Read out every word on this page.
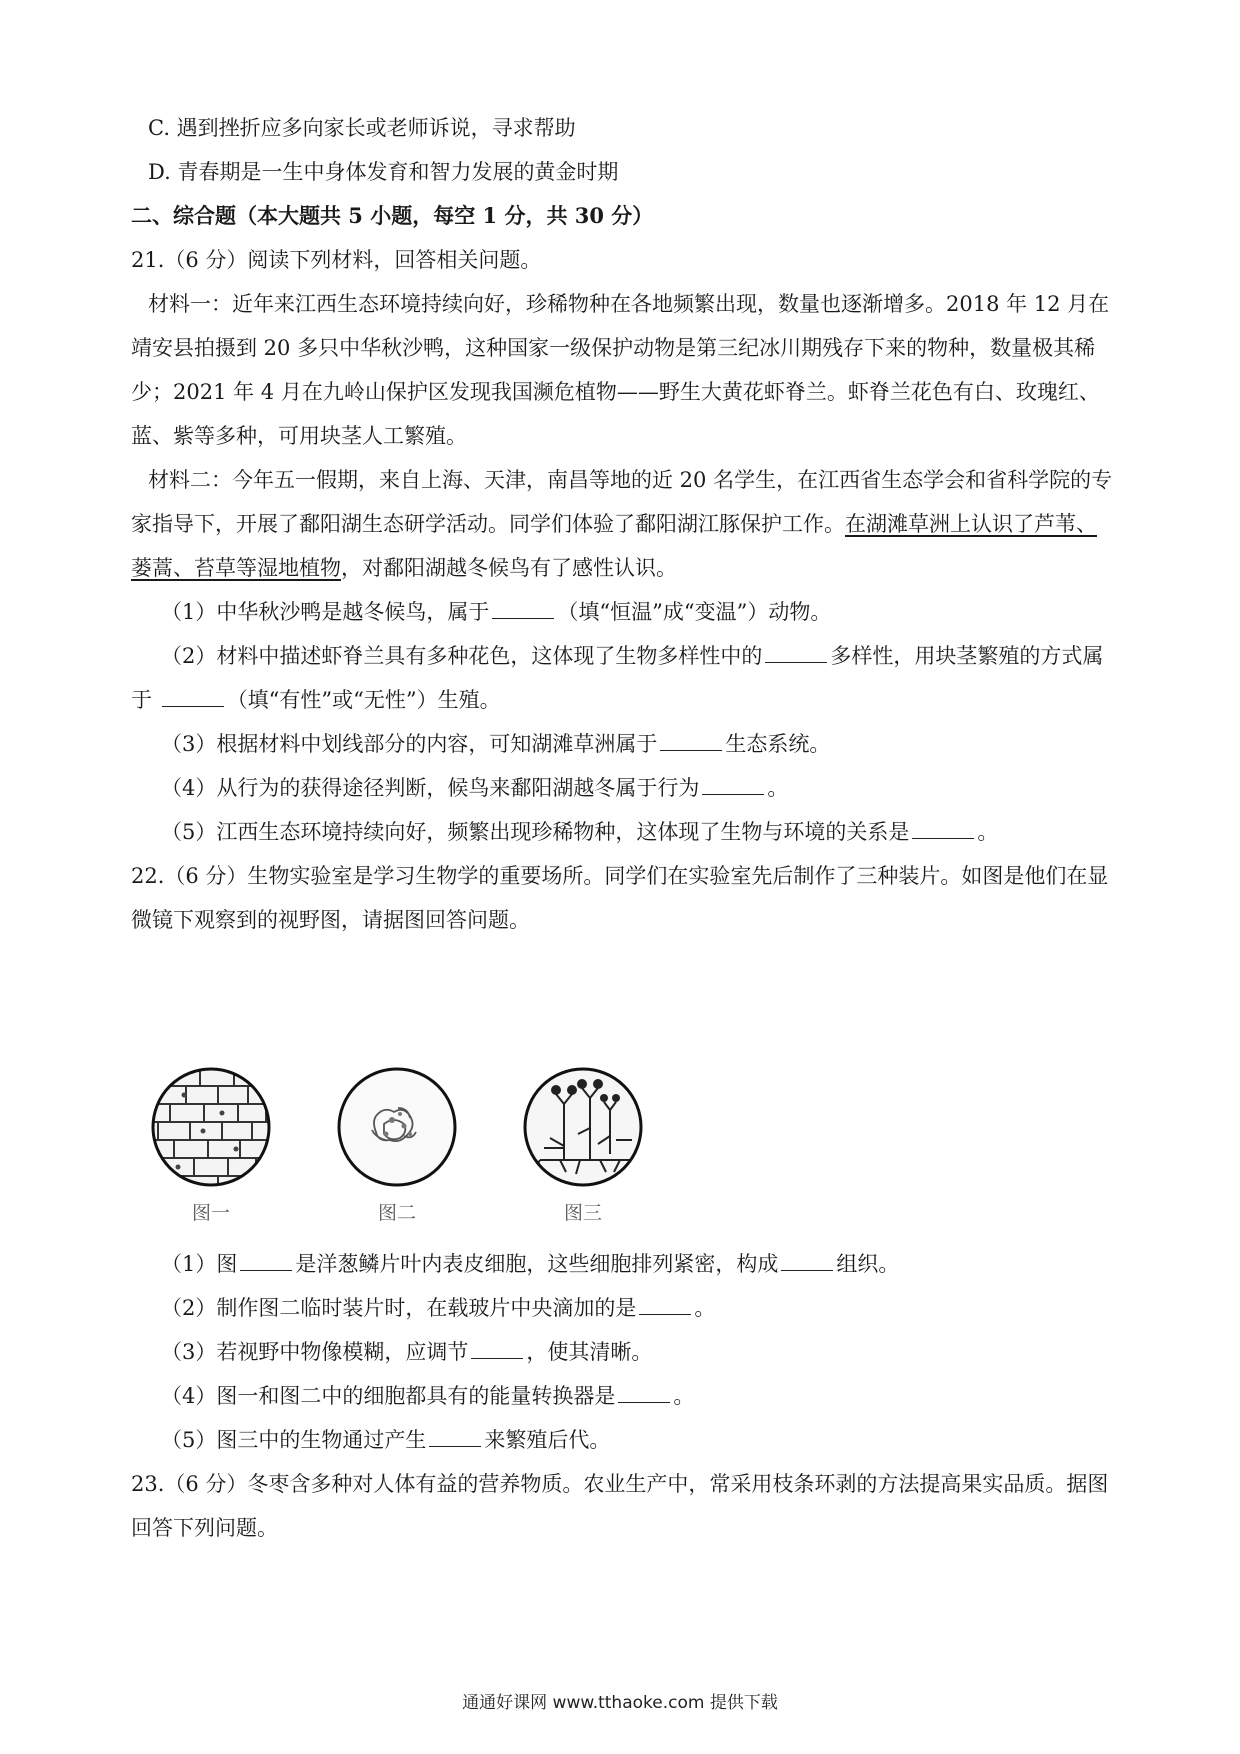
C. 遇到挫折应多向家长或老师诉说，寻求帮助
D. 青春期是一生中身体发育和智力发展的黄金时期
二、综合题（本大题共 5 小题，每空 1 分，共 30 分）
21.（6 分）阅读下列材料，回答相关问题。
材料一：近年来江西生态环境持续向好，珍稀物种在各地频繁出现，数量也逐渐增多。2018 年 12 月在
靖安县拍摄到 20 多只中华秋沙鸭，这种国家一级保护动物是第三纪冰川期残存下来的物种，数量极其稀
少；2021 年 4 月在九岭山保护区发现我国濒危植物——野生大黄花虾脊兰。虾脊兰花色有白、玫瑰红、
蓝、紫等多种，可用块茎人工繁殖。
材料二：今年五一假期，来自上海、天津，南昌等地的近 20 名学生，在江西省生态学会和省科学院的专
家指导下，开展了鄱阳湖生态研学活动。同学们体验了鄱阳湖江豚保护工作。在湖滩草洲上认识了芦苇、
蒌蒿、苔草等湿地植物，对鄱阳湖越冬候鸟有了感性认识。
（1）中华秋沙鸭是越冬候鸟，属于	（填“恒温”成“变温”）动物。
（2）材料中描述虾脊兰具有多种花色，这体现了生物多样性中的	多样性，用块茎繁殖的方式属
于	（填“有性”或“无性”）生殖。
（3）根据材料中划线部分的内容，可知湖滩草洲属于	生态系统。
（4）从行为的获得途径判断，候鸟来鄱阳湖越冬属于行为	。
（5）江西生态环境持续向好，频繁出现珍稀物种，这体现了生物与环境的关系是	。
22.（6 分）生物实验室是学习生物学的重要场所。同学们在实验室先后制作了三种装片。如图是他们在显
微镜下观察到的视野图，请据图回答问题。
图一	图二	图三
（1）图	是洋葱鳞片叶内表皮细胞，这些细胞排列紧密，构成	组织。
（2）制作图二临时装片时，在载玻片中央滴加的是	。
（3）若视野中物像模糊，应调节	，使其清晰。
（4）图一和图二中的细胞都具有的能量转换器是	。
（5）图三中的生物通过产生	来繁殖后代。
23.（6 分）冬枣含多种对人体有益的营养物质。农业生产中，常采用枝条环剥的方法提高果实品质。据图
回答下列问题。
通通好课网 www.tthaoke.com 提供下载
